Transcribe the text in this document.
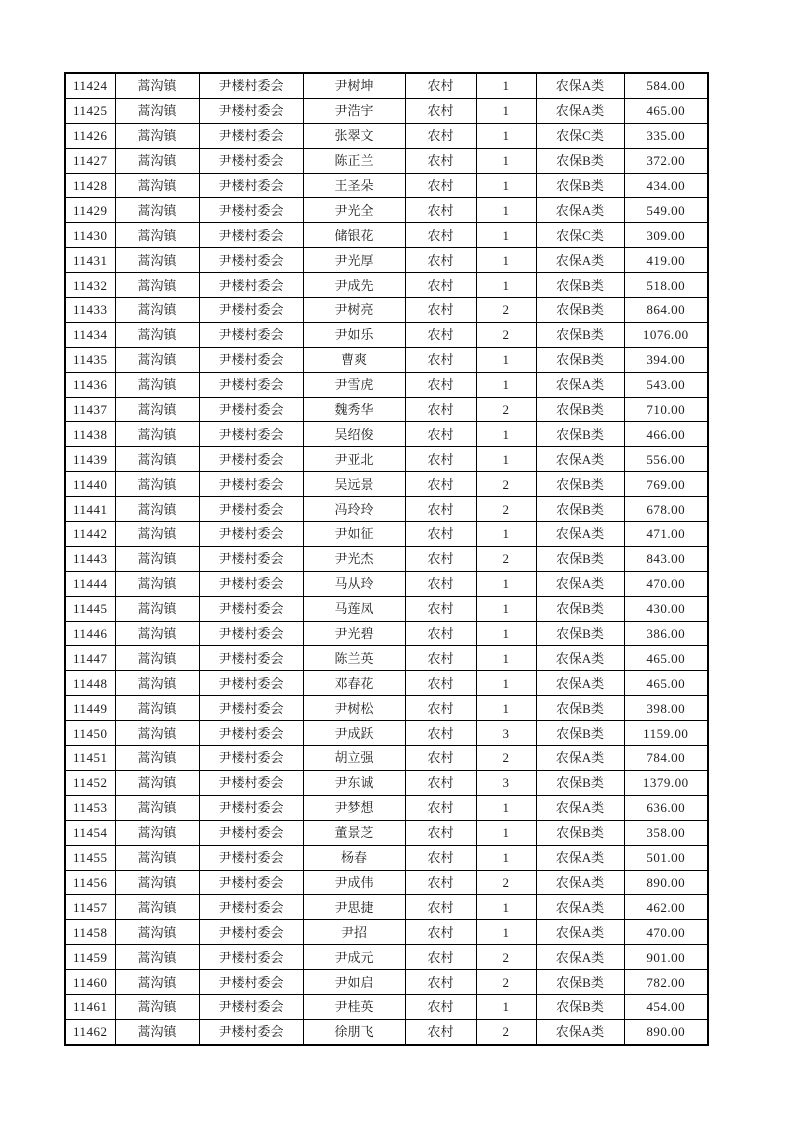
11424	蒿沟镇	尹楼村委会	尹树坤	农村	1	农保A类	584.00
11425	蒿沟镇	尹楼村委会	尹浩宇	农村	1	农保A类	465.00
11426	蒿沟镇	尹楼村委会	张翠文	农村	1	农保C类	335.00
11427	蒿沟镇	尹楼村委会	陈正兰	农村	1	农保B类	372.00
11428	蒿沟镇	尹楼村委会	王圣朵	农村	1	农保B类	434.00
11429	蒿沟镇	尹楼村委会	尹光全	农村	1	农保A类	549.00
11430	蒿沟镇	尹楼村委会	储银花	农村	1	农保C类	309.00
11431	蒿沟镇	尹楼村委会	尹光厚	农村	1	农保A类	419.00
11432	蒿沟镇	尹楼村委会	尹成先	农村	1	农保B类	518.00
11433	蒿沟镇	尹楼村委会	尹树亮	农村	2	农保B类	864.00
11434	蒿沟镇	尹楼村委会	尹如乐	农村	2	农保B类	1076.00
11435	蒿沟镇	尹楼村委会	曹爽	农村	1	农保B类	394.00
11436	蒿沟镇	尹楼村委会	尹雪虎	农村	1	农保A类	543.00
11437	蒿沟镇	尹楼村委会	魏秀华	农村	2	农保B类	710.00
11438	蒿沟镇	尹楼村委会	吴绍俊	农村	1	农保B类	466.00
11439	蒿沟镇	尹楼村委会	尹亚北	农村	1	农保A类	556.00
11440	蒿沟镇	尹楼村委会	吴远景	农村	2	农保B类	769.00
11441	蒿沟镇	尹楼村委会	冯玲玲	农村	2	农保B类	678.00
11442	蒿沟镇	尹楼村委会	尹如征	农村	1	农保A类	471.00
11443	蒿沟镇	尹楼村委会	尹光杰	农村	2	农保B类	843.00
11444	蒿沟镇	尹楼村委会	马从玲	农村	1	农保A类	470.00
11445	蒿沟镇	尹楼村委会	马莲凤	农村	1	农保B类	430.00
11446	蒿沟镇	尹楼村委会	尹光碧	农村	1	农保B类	386.00
11447	蒿沟镇	尹楼村委会	陈兰英	农村	1	农保A类	465.00
11448	蒿沟镇	尹楼村委会	邓春花	农村	1	农保A类	465.00
11449	蒿沟镇	尹楼村委会	尹树松	农村	1	农保B类	398.00
11450	蒿沟镇	尹楼村委会	尹成跃	农村	3	农保B类	1159.00
11451	蒿沟镇	尹楼村委会	胡立强	农村	2	农保A类	784.00
11452	蒿沟镇	尹楼村委会	尹东诚	农村	3	农保B类	1379.00
11453	蒿沟镇	尹楼村委会	尹梦想	农村	1	农保A类	636.00
11454	蒿沟镇	尹楼村委会	董景芝	农村	1	农保B类	358.00
11455	蒿沟镇	尹楼村委会	杨春	农村	1	农保A类	501.00
11456	蒿沟镇	尹楼村委会	尹成伟	农村	2	农保A类	890.00
11457	蒿沟镇	尹楼村委会	尹思捷	农村	1	农保A类	462.00
11458	蒿沟镇	尹楼村委会	尹招	农村	1	农保A类	470.00
11459	蒿沟镇	尹楼村委会	尹成元	农村	2	农保A类	901.00
11460	蒿沟镇	尹楼村委会	尹如启	农村	2	农保B类	782.00
11461	蒿沟镇	尹楼村委会	尹桂英	农村	1	农保B类	454.00
11462	蒿沟镇	尹楼村委会	徐朋飞	农村	2	农保A类	890.00
